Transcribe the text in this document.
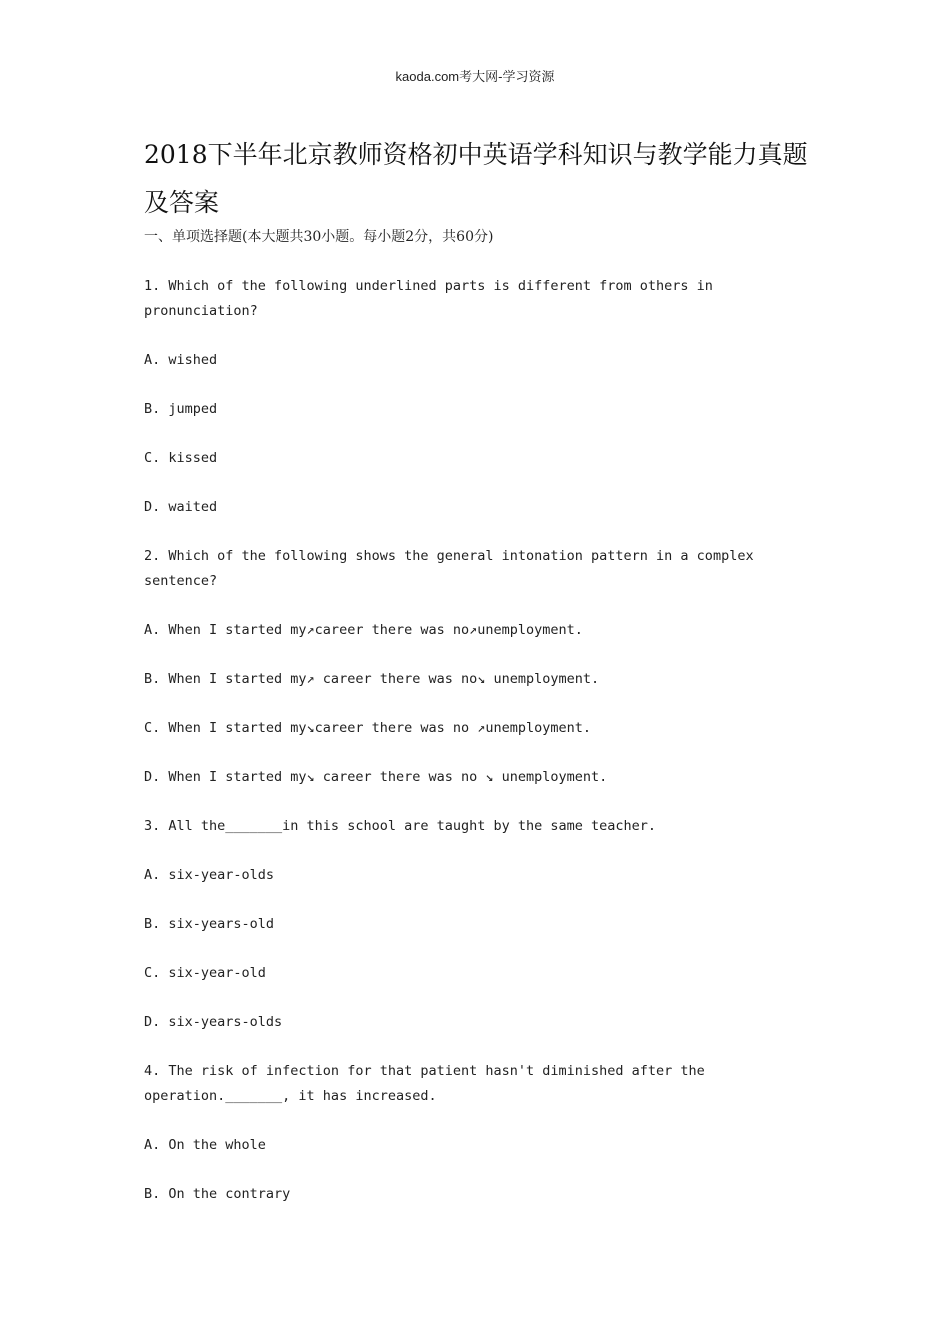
kaoda.com考大网-学习资源
2018下半年北京教师资格初中英语学科知识与教学能力真题及答案
一、单项选择题(本大题共30小题。每小题2分，共60分)

1. Which of the following underlined parts is different from others in pronunciation?

A. wished

B. jumped

C. kissed

D. waited

2. Which of the following shows the general intonation pattern in a complex sentence?

A. When I started my↗career there was no↗unemployment.

B. When I started my↗ career there was no↘ unemployment.

C. When I started my↘career there was no ↗unemployment.

D. When I started my↘ career there was no ↘ unemployment.

3. All the_______in this school are taught by the same teacher.

A. six-year-olds

B. six-years-old

C. six-year-old

D. six-years-olds

4. The risk of infection for that patient hasn't diminished after the operation._______, it has increased.

A. On the whole

B. On the contrary
